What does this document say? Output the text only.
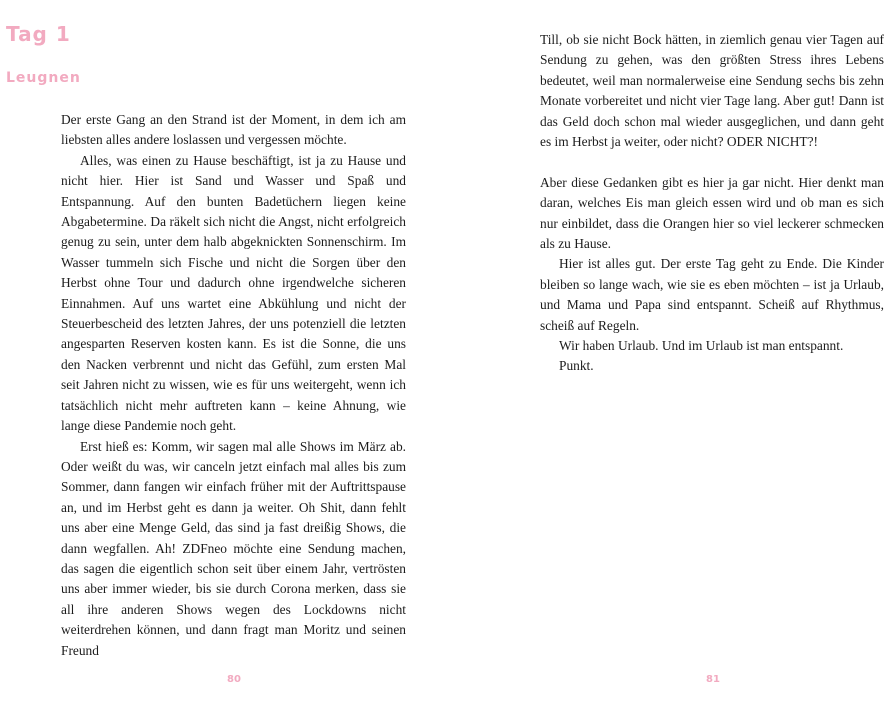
Tag 1
Leugnen

Der erste Gang an den Strand ist der Moment, in dem ich am liebsten alles andere loslassen und vergessen möchte.

Alles, was einen zu Hause beschäftigt, ist ja zu Hause und nicht hier. Hier ist Sand und Wasser und Spaß und Entspannung. Auf den bunten Badetüchern liegen keine Abgabetermine. Da räkelt sich nicht die Angst, nicht erfolgreich genug zu sein, unter dem halb abgeknickten Sonnenschirm. Im Wasser tummeln sich Fische und nicht die Sorgen über den Herbst ohne Tour und dadurch ohne irgendwelche sicheren Einnahmen. Auf uns wartet eine Abkühlung und nicht der Steuerbescheid des letzten Jahres, der uns potenziell die letzten angesparten Reserven kosten kann. Es ist die Sonne, die uns den Nacken verbrennt und nicht das Gefühl, zum ersten Mal seit Jahren nicht zu wissen, wie es für uns weitergeht, wenn ich tatsächlich nicht mehr auftreten kann – keine Ahnung, wie lange diese Pandemie noch geht.

Erst hieß es: Komm, wir sagen mal alle Shows im März ab. Oder weißt du was, wir canceln jetzt einfach mal alles bis zum Sommer, dann fangen wir einfach früher mit der Auftrittspause an, und im Herbst geht es dann ja weiter. Oh Shit, dann fehlt uns aber eine Menge Geld, das sind ja fast dreißig Shows, die dann wegfallen. Ah! ZDFneo möchte eine Sendung machen, das sagen die eigentlich schon seit über einem Jahr, vertrösten uns aber immer wieder, bis sie durch Corona merken, dass sie all ihre anderen Shows wegen des Lockdowns nicht weiterdrehen können, und dann fragt man Moritz und seinen Freund

80

Till, ob sie nicht Bock hätten, in ziemlich genau vier Tagen auf Sendung zu gehen, was den größten Stress ihres Lebens bedeutet, weil man normalerweise eine Sendung sechs bis zehn Monate vorbereitet und nicht vier Tage lang. Aber gut! Dann ist das Geld doch schon mal wieder ausgeglichen, und dann geht es im Herbst ja weiter, oder nicht? ODER NICHT?!

Aber diese Gedanken gibt es hier ja gar nicht. Hier denkt man daran, welches Eis man gleich essen wird und ob man es sich nur einbildet, dass die Orangen hier so viel leckerer schmecken als zu Hause.

Hier ist alles gut. Der erste Tag geht zu Ende. Die Kinder bleiben so lange wach, wie sie es eben möchten – ist ja Urlaub, und Mama und Papa sind entspannt. Scheiß auf Rhythmus, scheiß auf Regeln.

Wir haben Urlaub. Und im Urlaub ist man entspannt.

Punkt.

81
